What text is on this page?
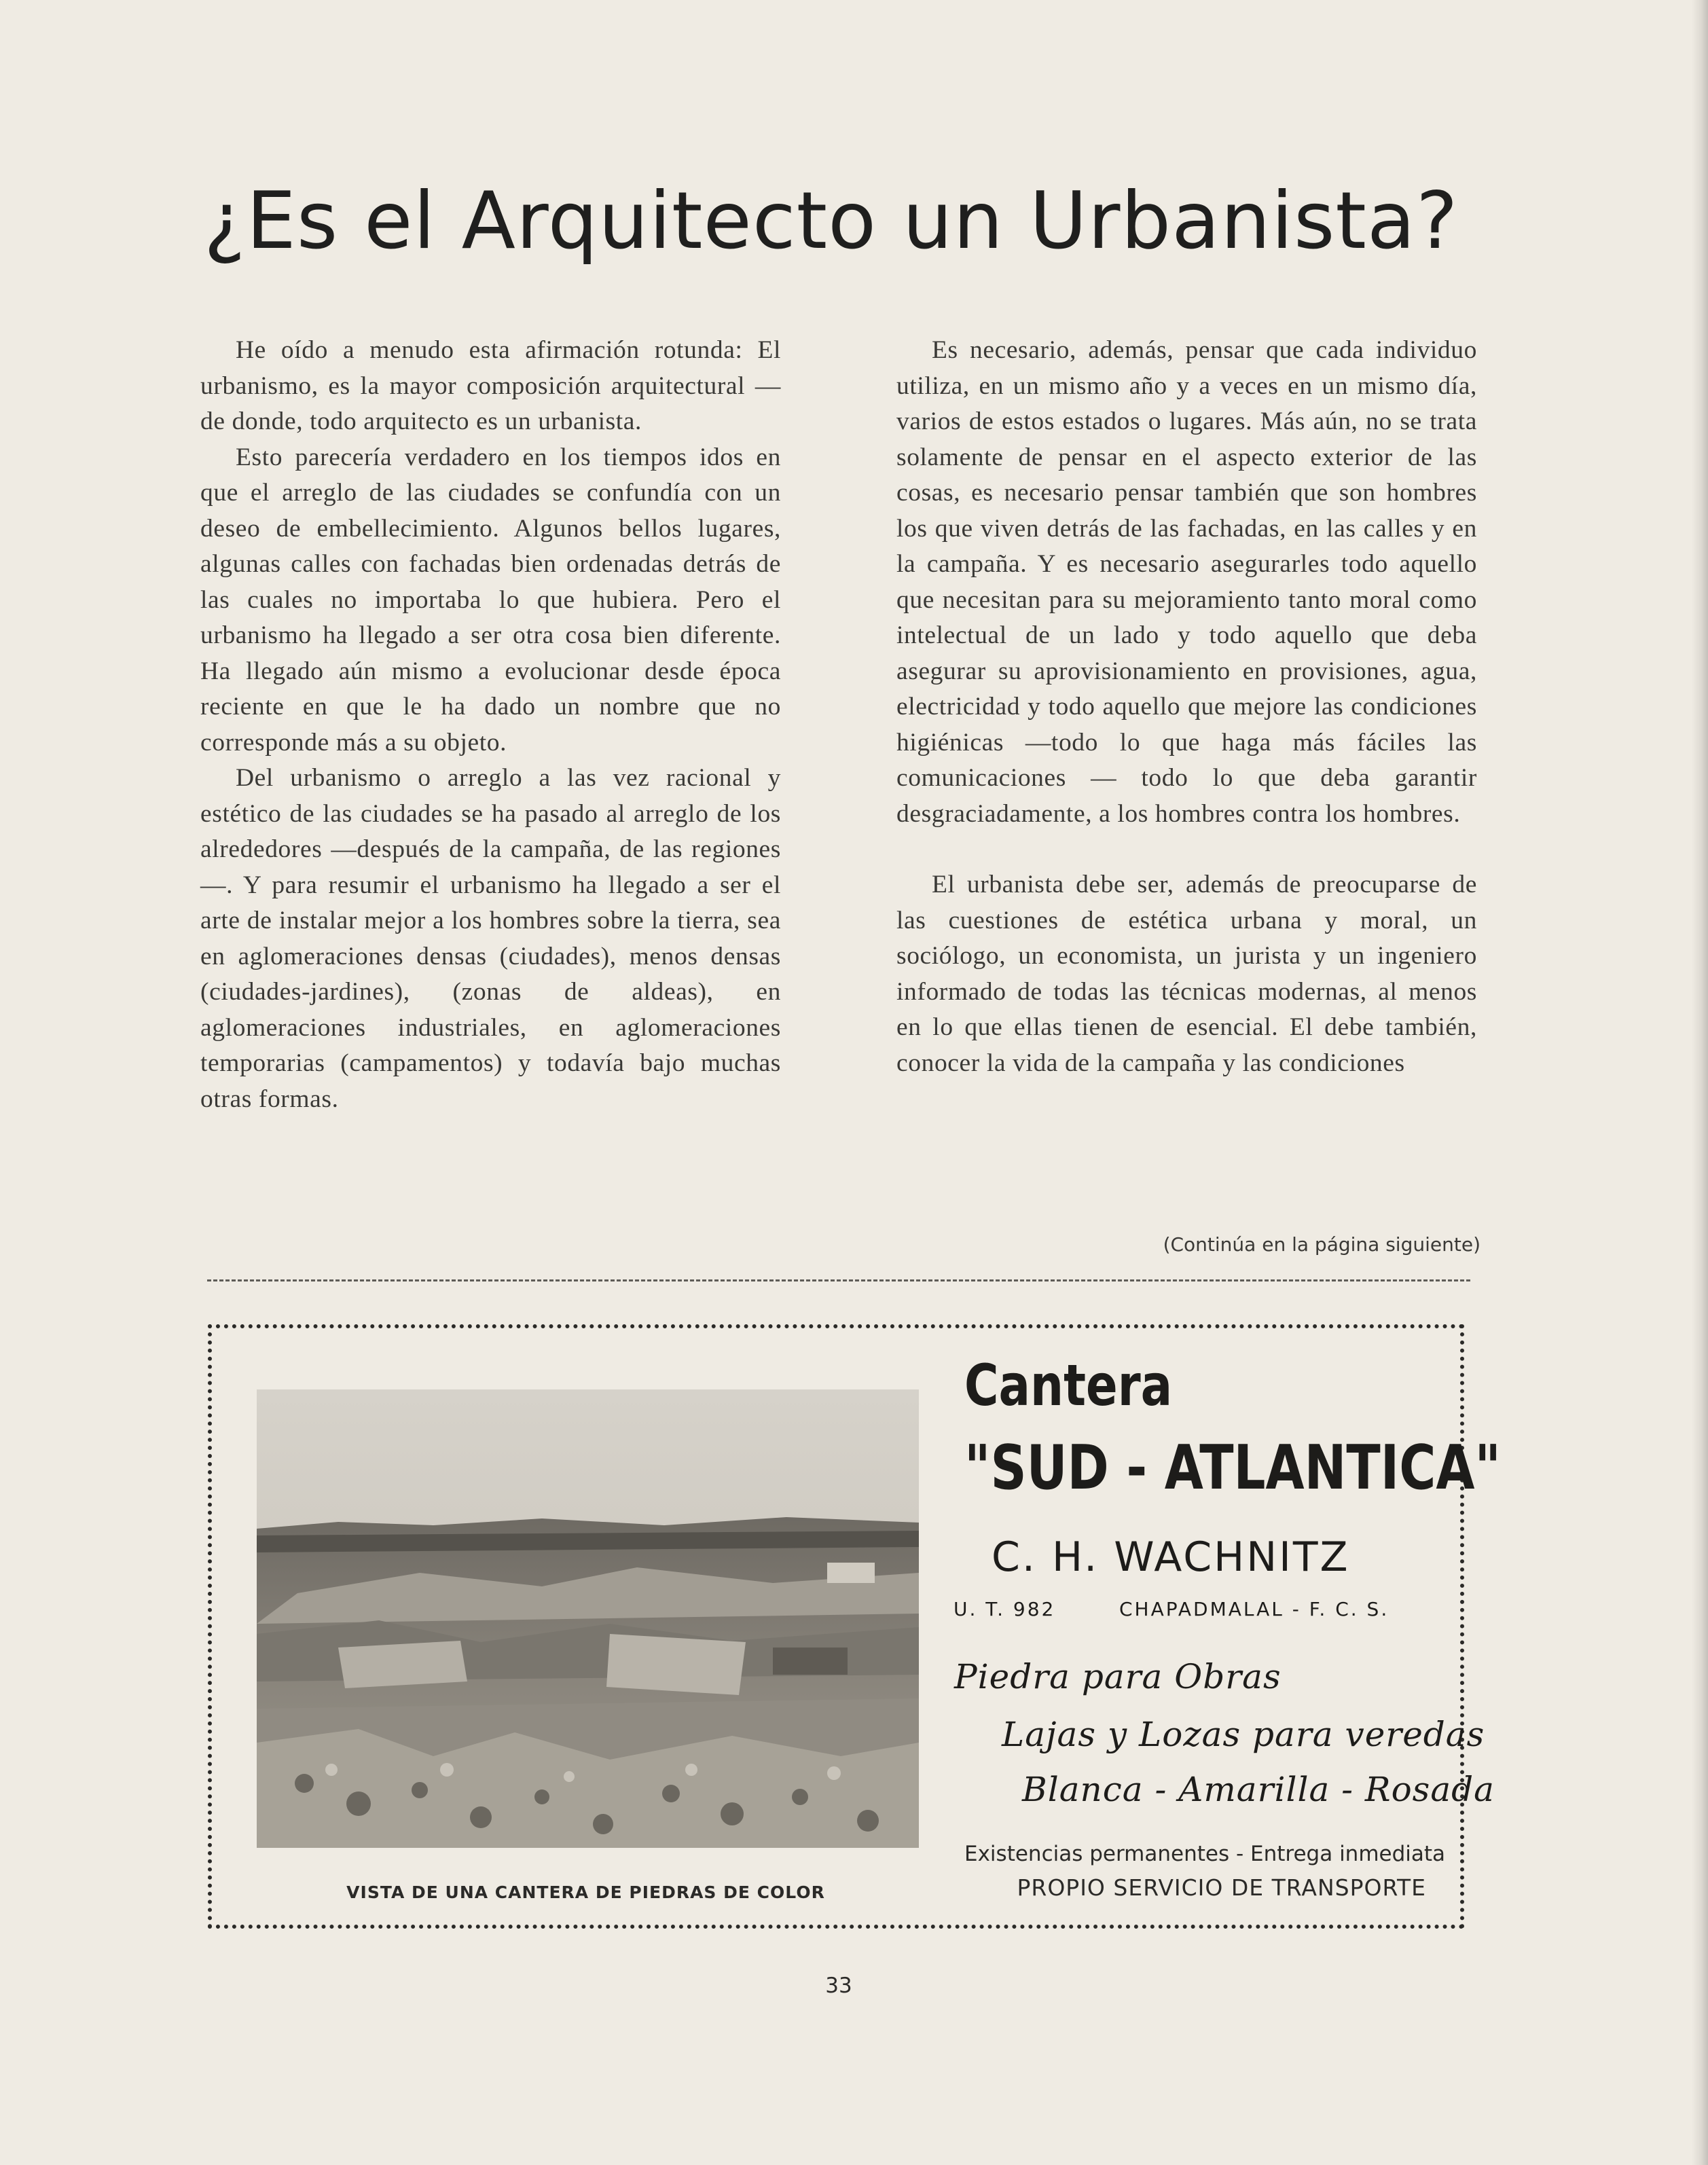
¿Es el Arquitecto un Urbanista?

He oído a menudo esta afirmación rotunda: El urbanismo, es la mayor composición arquitectural — de donde, todo arquitecto es un urbanista.

Esto parecería verdadero en los tiempos idos en que el arreglo de las ciudades se confundía con un deseo de embellecimiento. Algunos bellos lugares, algunas calles con fachadas bien ordenadas detrás de las cuales no importaba lo que hubiera. Pero el urbanismo ha llegado a ser otra cosa bien diferente. Ha llegado aún mismo a evolucionar desde época reciente en que le ha dado un nombre que no corresponde más a su objeto.

Del urbanismo o arreglo a las vez racional y estético de las ciudades se ha pasado al arreglo de los alrededores —después de la campaña, de las regiones—. Y para resumir el urbanismo ha llegado a ser el arte de instalar mejor a los hombres sobre la tierra, sea en aglomeraciones densas (ciudades), menos densas (ciudades-jardines), (zonas de aldeas), en aglomeraciones industriales, en aglomeraciones temporarias (campamentos) y todavía bajo muchas otras formas.

Es necesario, además, pensar que cada individuo utiliza, en un mismo año y a veces en un mismo día, varios de estos estados o lugares. Más aún, no se trata solamente de pensar en el aspecto exterior de las cosas, es necesario pensar también que son hombres los que viven detrás de las fachadas, en las calles y en la campaña. Y es necesario asegurarles todo aquello que necesitan para su mejoramiento tanto moral como intelectual de un lado y todo aquello que deba asegurar su aprovisionamiento en provisiones, agua, electricidad y todo aquello que mejore las condiciones higiénicas —todo lo que haga más fáciles las comunicaciones — todo lo que deba garantir desgraciadamente, a los hombres contra los hombres.

El urbanista debe ser, además de preocuparse de las cuestiones de estética urbana y moral, un sociólogo, un economista, un jurista y un ingeniero informado de todas las técnicas modernas, al menos en lo que ellas tienen de esencial. El debe también, conocer la vida de la campaña y las condiciones

(Continúa en la página siguiente)
VISTA DE UNA CANTERA DE PIEDRAS DE COLOR
Cantera
"SUD - ATLANTICA"
C. H. WACHNITZ
U. T. 982	CHAPADMALAL - F. C. S.
Piedra para Obras
Lajas y Lozas para veredas
Blanca - Amarilla - Rosada
Existencias permanentes - Entrega inmediata
PROPIO SERVICIO DE TRANSPORTE
33
